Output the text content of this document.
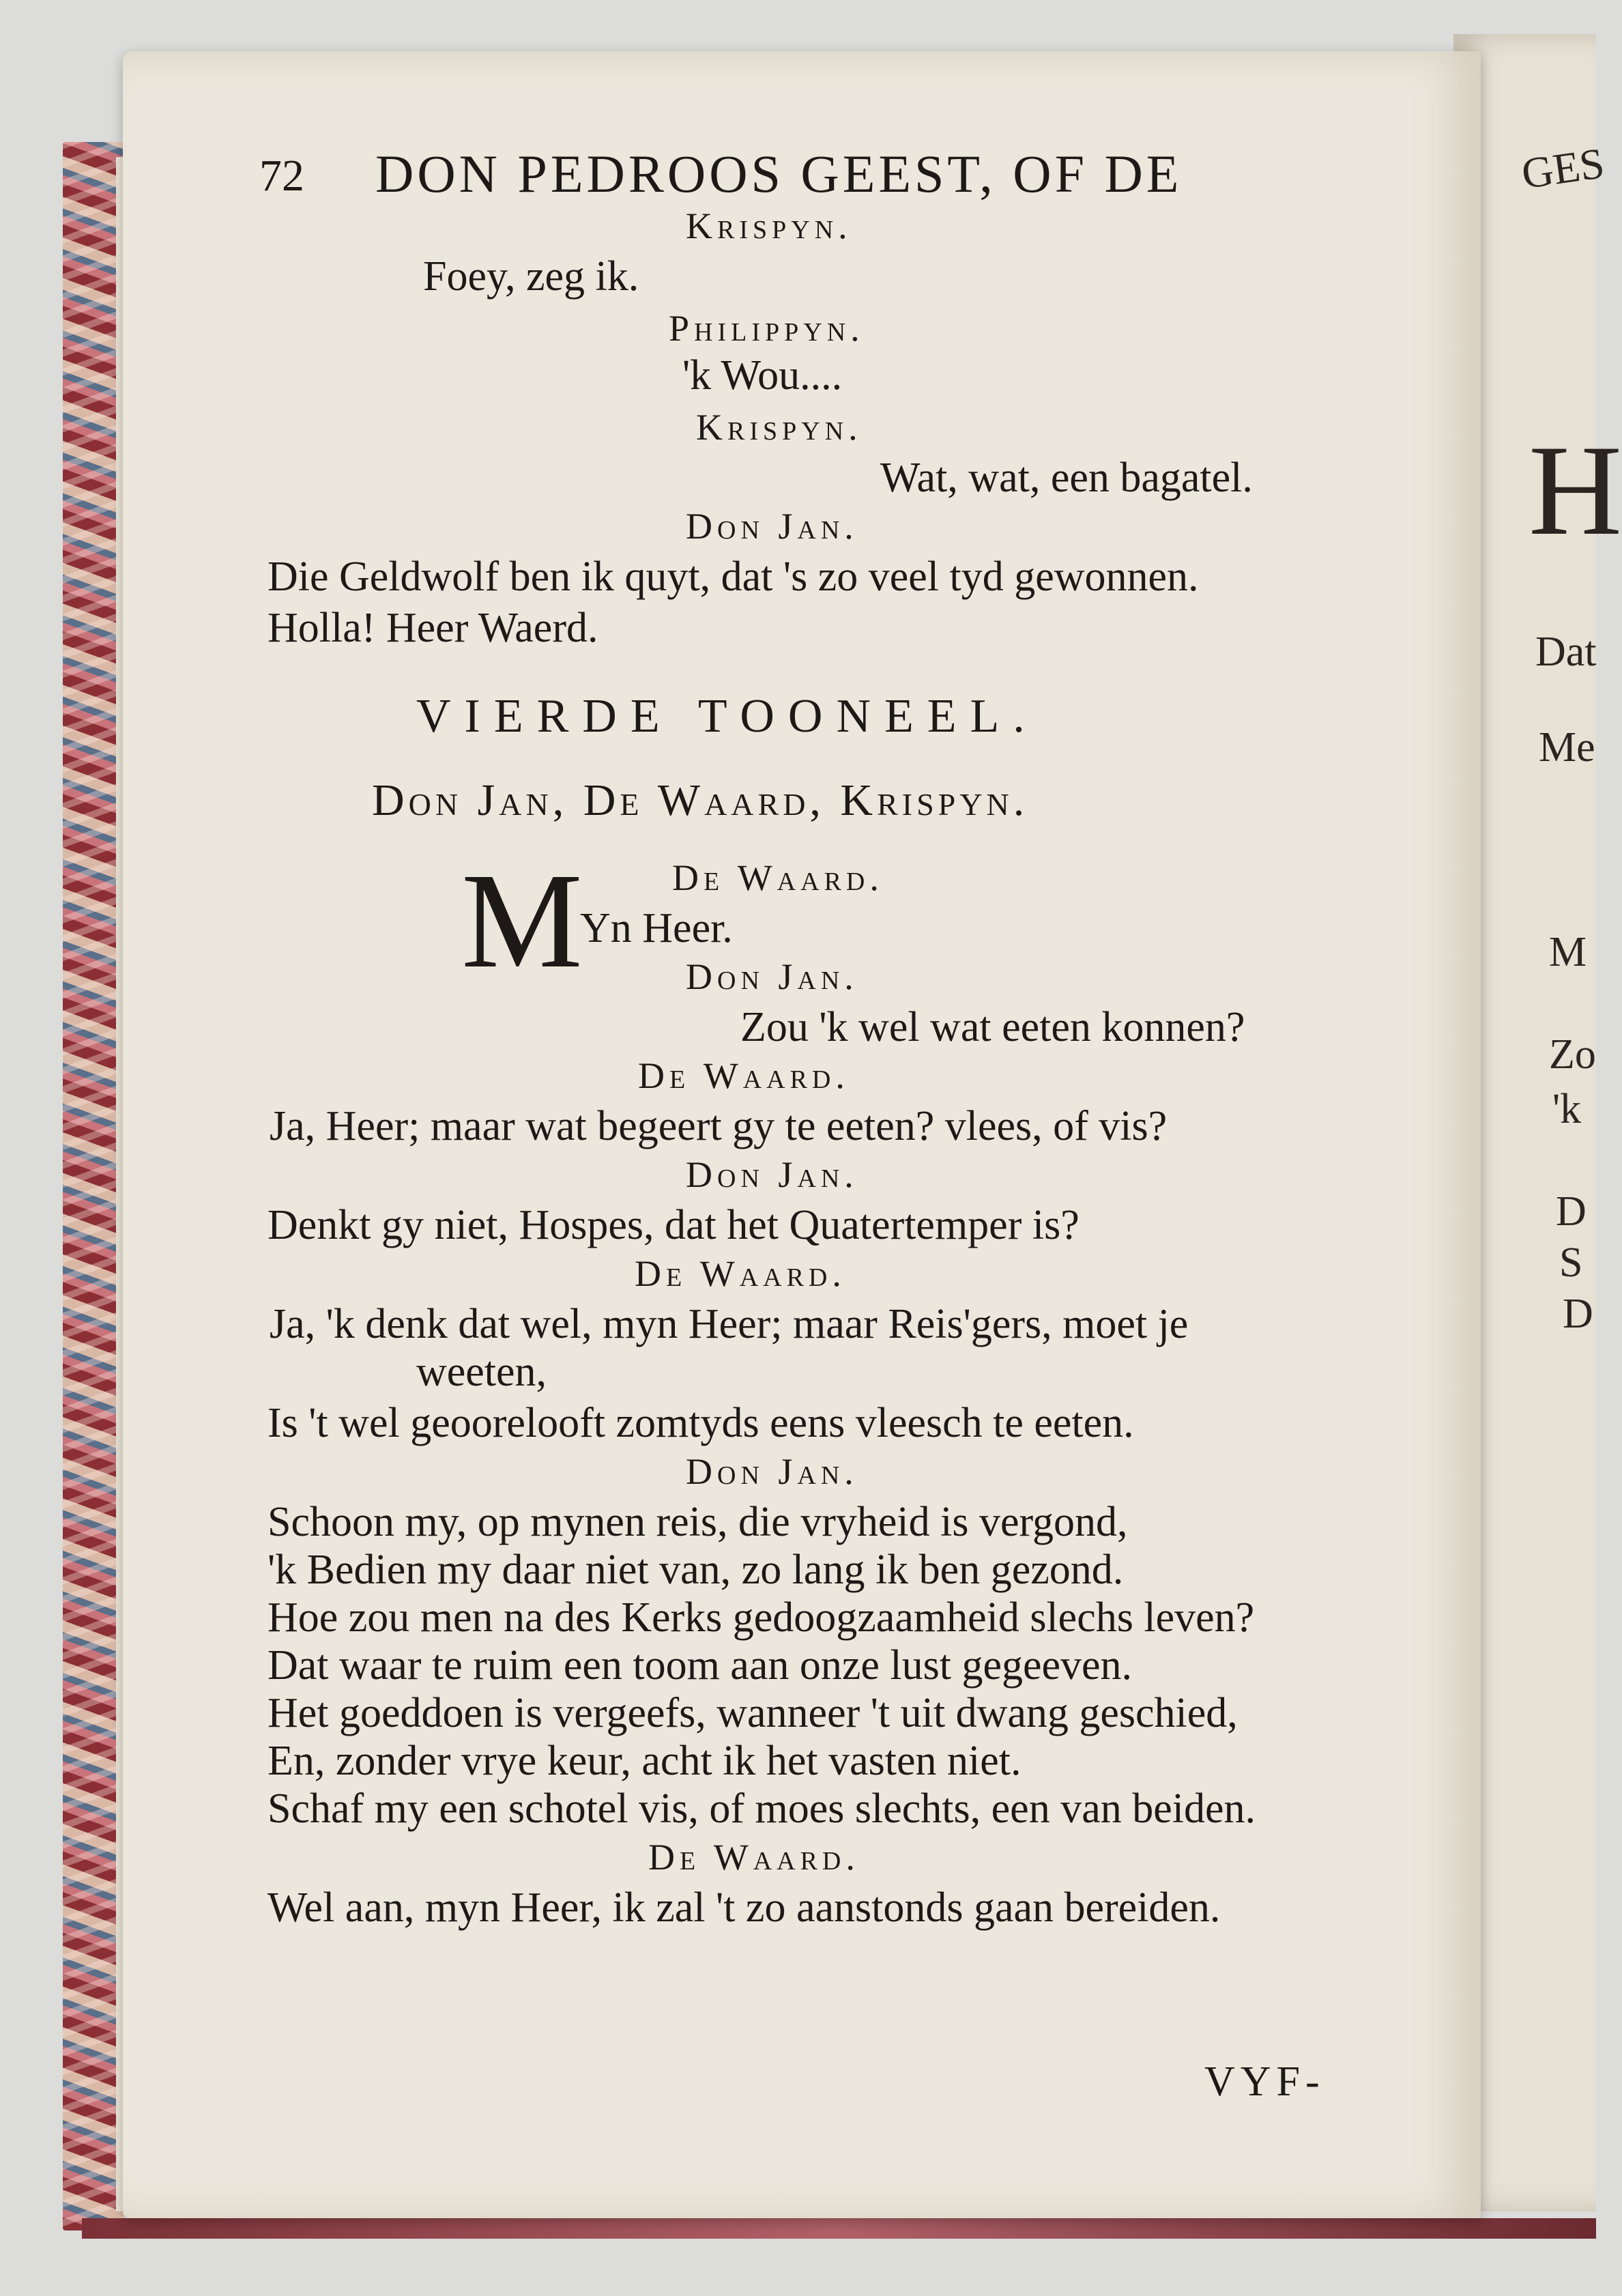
GES
H
Dat
Me
M
Zo
'k
D
S
D
72 DON PEDROOS GEEST, OF DE
Krispyn.
Foey, zeg ik.
Philippyn.
'k Wou....
Krispyn.
Wat, wat, een bagatel.
Don Jan.
Die Geldwolf ben ik quyt, dat 's zo veel tyd gewonnen.
Holla! Heer Waerd.
VIERDE TOONEEL.
Don Jan, De Waard, Krispyn.
M De Waard.
Yn Heer.
Don Jan.
Zou 'k wel wat eeten konnen?
De Waard.
Ja, Heer; maar wat begeert gy te eeten? vlees, of vis?
Don Jan.
Denkt gy niet, Hospes, dat het Quatertemper is?
De Waard.
Ja, 'k denk dat wel, myn Heer; maar Reis'gers, moet je
weeten,
Is 't wel geoorelooft zomtyds eens vleesch te eeten.
Don Jan.
Schoon my, op mynen reis, die vryheid is vergond,
'k Bedien my daar niet van, zo lang ik ben gezond.
Hoe zou men na des Kerks gedoogzaamheid slechs leven?
Dat waar te ruim een toom aan onze lust gegeeven.
Het goeddoen is vergeefs, wanneer 't uit dwang geschied,
En, zonder vrye keur, acht ik het vasten niet.
Schaf my een schotel vis, of moes slechts, een van beiden.
De Waard.
Wel aan, myn Heer, ik zal 't zo aanstonds gaan bereiden.
VYF-
